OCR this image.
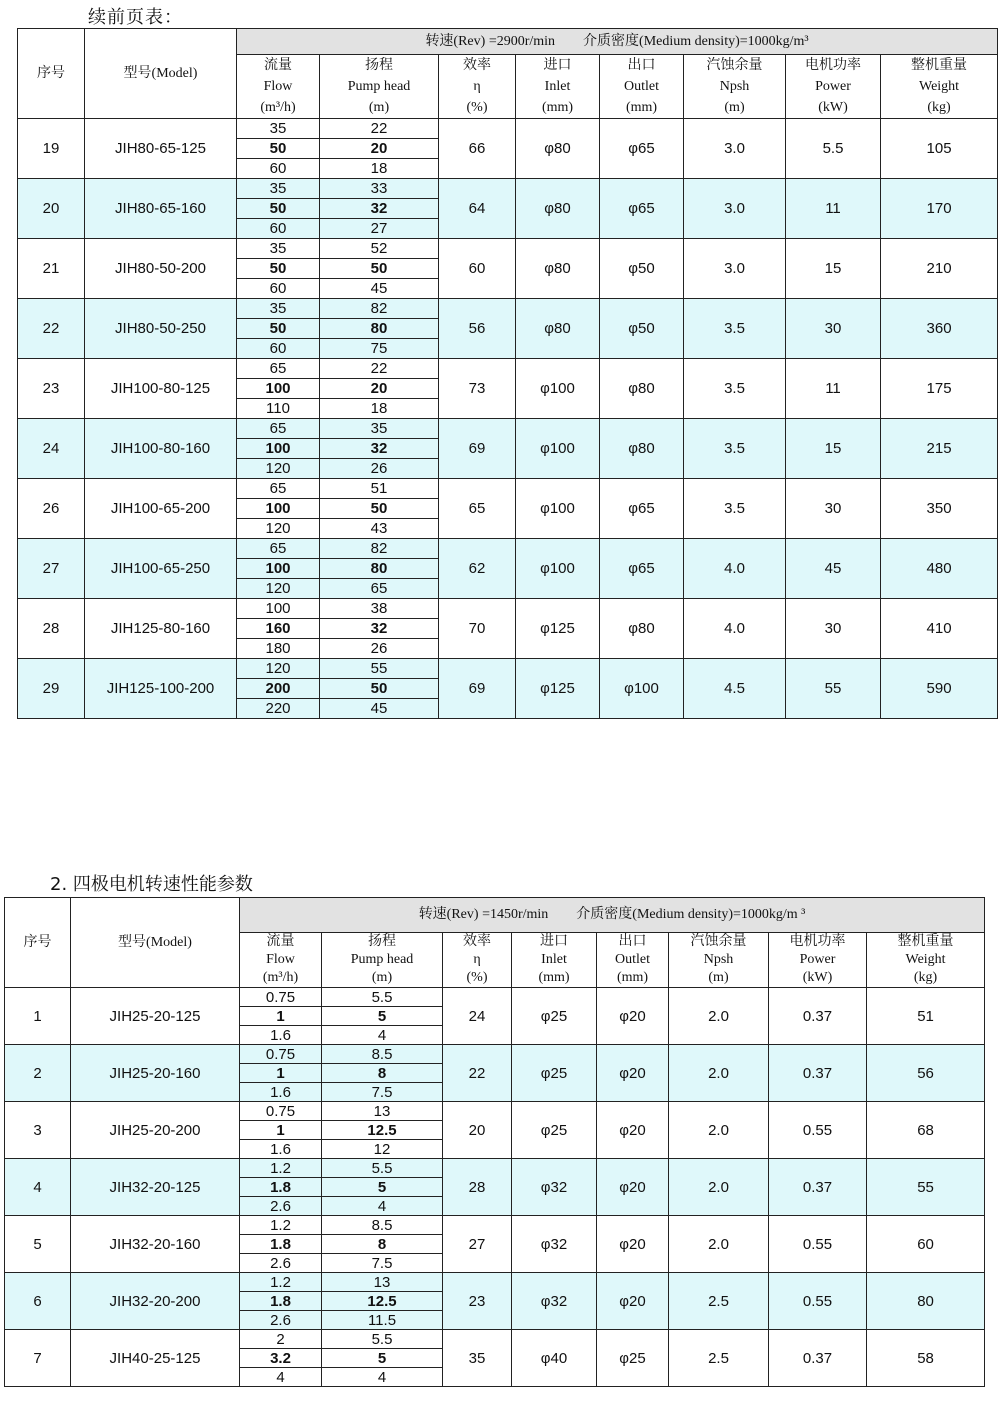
续前页表：
序号	型号(Model)	转速(Rev) =2900r/min　　介质密度(Medium density)=1000kg/m³							

		流量
Flow
(m³/h)	扬程
Pump head
(m)	效率
η
(%)	进口
Inlet
(mm)	出口
Outlet
(mm)	汽蚀余量
Npsh
(m)	电机功率
Power
(kW)	整机重量
Weight
(kg)

19	JIH80-65-125	35	22	66	φ80	φ65	3.0	5.5	105
		50	20						
		60	18						
20	JIH80-65-160	35	33	64	φ80	φ65	3.0	11	170
		50	32						
		60	27						
21	JIH80-50-200	35	52	60	φ80	φ50	3.0	15	210
		50	50						
		60	45						
22	JIH80-50-250	35	82	56	φ80	φ50	3.5	30	360
		50	80						
		60	75						
23	JIH100-80-125	65	22	73	φ100	φ80	3.5	11	175
		100	20						
		110	18						
24	JIH100-80-160	65	35	69	φ100	φ80	3.5	15	215
		100	32						
		120	26						
26	JIH100-65-200	65	51	65	φ100	φ65	3.5	30	350
		100	50						
		120	43						
27	JIH100-65-250	65	82	62	φ100	φ65	4.0	45	480
		100	80						
		120	65						
28	JIH125-80-160	100	38	70	φ125	φ80	4.0	30	410
		160	32						
		180	26						
29	JIH125-100-200	120	55	69	φ125	φ100	4.5	55	590
		200	50						
		220	45						
2. 四极电机转速性能参数
序号	型号(Model)	转速(Rev) =1450r/min　　介质密度(Medium density)=1000kg/m ³							

		流量
Flow
(m³/h)	扬程
Pump head
(m)	效率
η
(%)	进口
Inlet
(mm)	出口
Outlet
(mm)	汽蚀余量
Npsh
(m)	电机功率
Power
(kW)	整机重量
Weight
(kg)

1	JIH25-20-125	0.75	5.5	24	φ25	φ20	2.0	0.37	51
		1	5						
		1.6	4						
2	JIH25-20-160	0.75	8.5	22	φ25	φ20	2.0	0.37	56
		1	8						
		1.6	7.5						
3	JIH25-20-200	0.75	13	20	φ25	φ20	2.0	0.55	68
		1	12.5						
		1.6	12						
4	JIH32-20-125	1.2	5.5	28	φ32	φ20	2.0	0.37	55
		1.8	5						
		2.6	4						
5	JIH32-20-160	1.2	8.5	27	φ32	φ20	2.0	0.55	60
		1.8	8						
		2.6	7.5						
6	JIH32-20-200	1.2	13	23	φ32	φ20	2.5	0.55	80
		1.8	12.5						
		2.6	11.5						
7	JIH40-25-125	2	5.5	35	φ40	φ25	2.5	0.37	58
		3.2	5						
		4	4						
